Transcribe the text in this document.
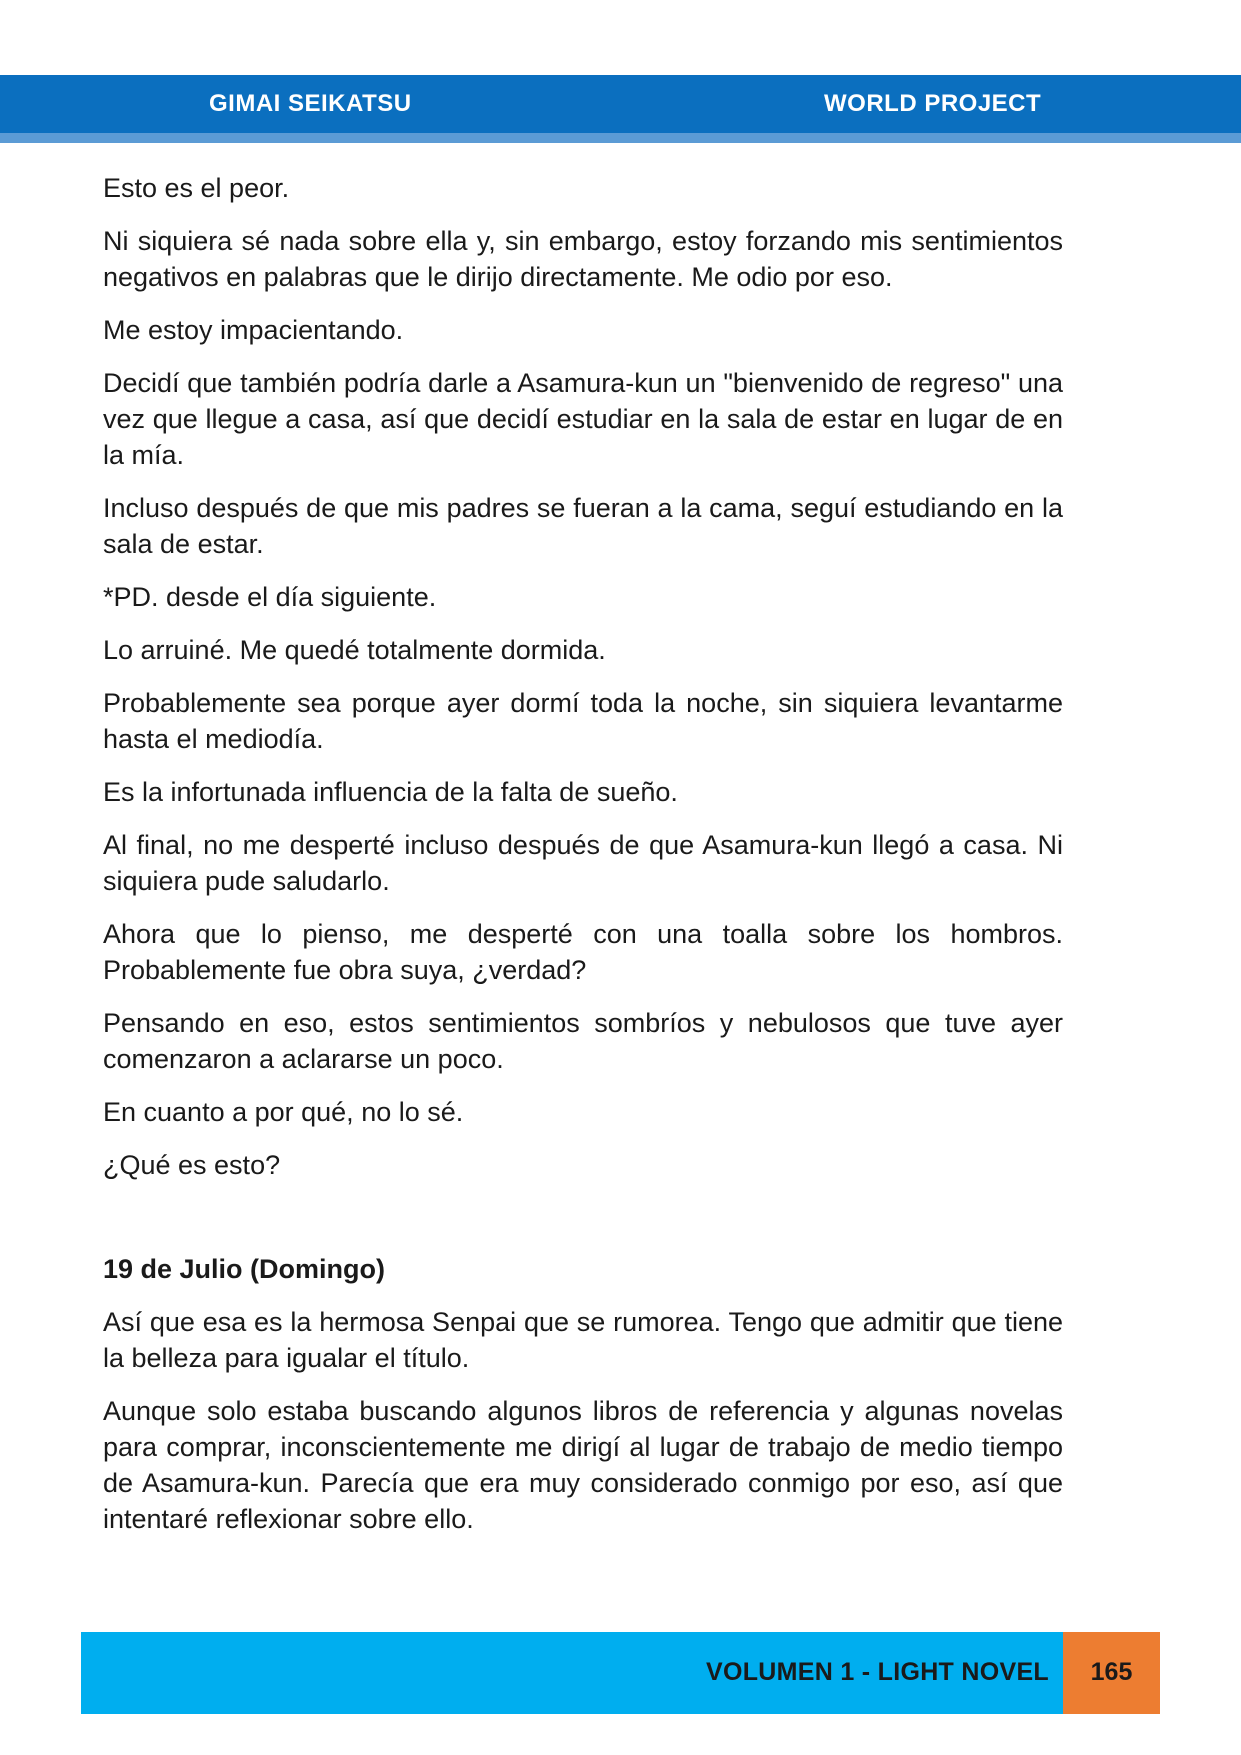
GIMAI SEIKATSU	WORLD PROJECT

Esto es el peor.

Ni siquiera sé nada sobre ella y, sin embargo, estoy forzando mis sentimientos negativos en palabras que le dirijo directamente. Me odio por eso.

Me estoy impacientando.

Decidí que también podría darle a Asamura-kun un "bienvenido de regreso" una vez que llegue a casa, así que decidí estudiar en la sala de estar en lugar de en la mía.

Incluso después de que mis padres se fueran a la cama, seguí estudiando en la sala de estar.

*PD. desde el día siguiente.

Lo arruiné. Me quedé totalmente dormida.

Probablemente sea porque ayer dormí toda la noche, sin siquiera levantarme hasta el mediodía.

Es la infortunada influencia de la falta de sueño.

Al final, no me desperté incluso después de que Asamura-kun llegó a casa. Ni siquiera pude saludarlo.

Ahora que lo pienso, me desperté con una toalla sobre los hombros. Probablemente fue obra suya, ¿verdad?

Pensando en eso, estos sentimientos sombríos y nebulosos que tuve ayer comenzaron a aclararse un poco.

En cuanto a por qué, no lo sé.

¿Qué es esto?

19 de Julio (Domingo)

Así que esa es la hermosa Senpai que se rumorea. Tengo que admitir que tiene la belleza para igualar el título.

Aunque solo estaba buscando algunos libros de referencia y algunas novelas para comprar, inconscientemente me dirigí al lugar de trabajo de medio tiempo de Asamura-kun. Parecía que era muy considerado conmigo por eso, así que intentaré reflexionar sobre ello.

VOLUMEN 1 - LIGHT NOVEL	165
